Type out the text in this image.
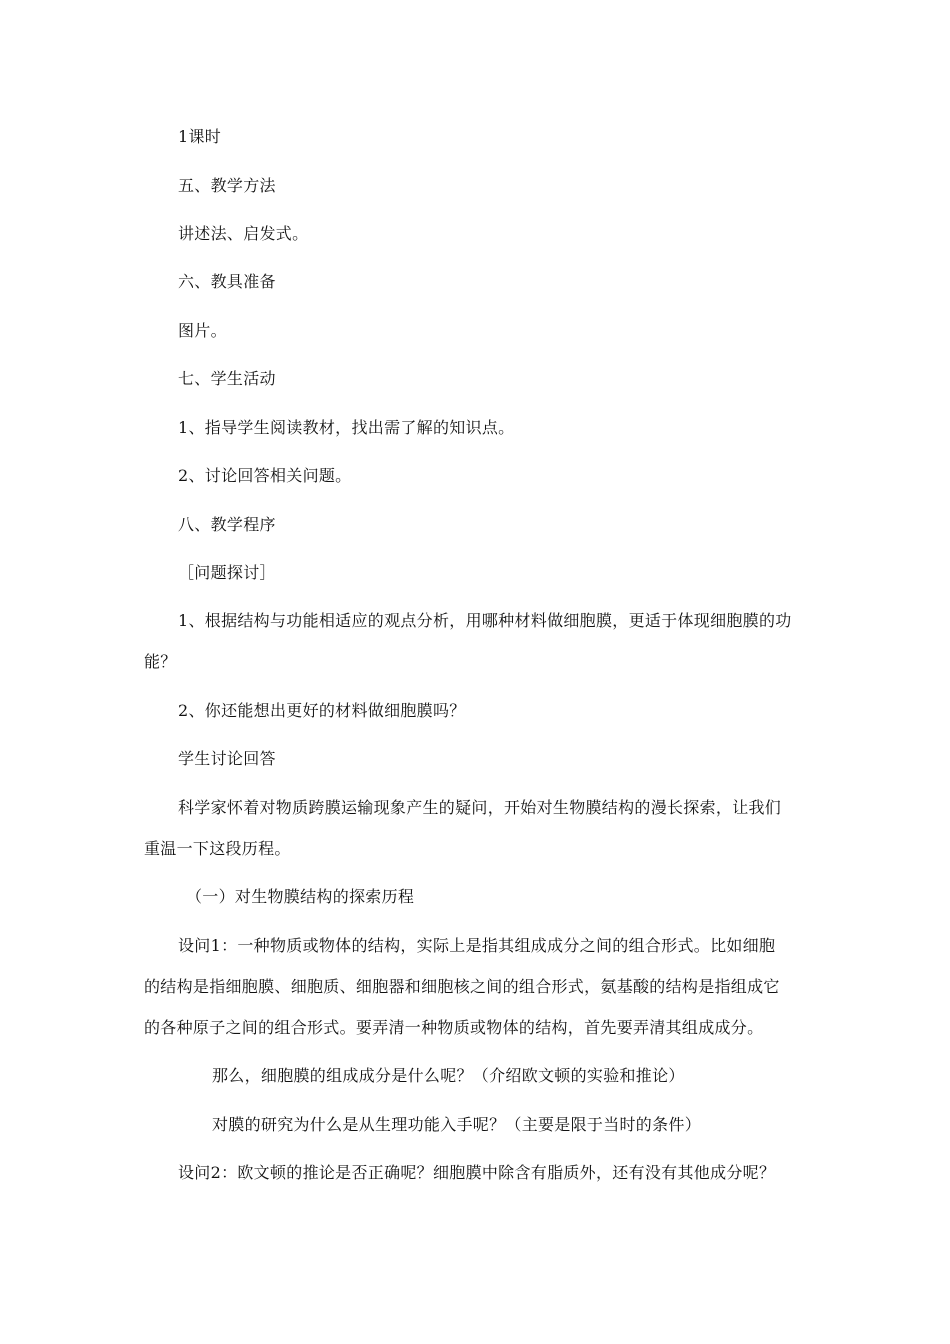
1课时
五、教学方法
讲述法、启发式。
六、教具准备
图片。
七、学生活动
1、指导学生阅读教材，找出需了解的知识点。
2、讨论回答相关问题。
八、教学程序
［问题探讨］
1、根据结构与功能相适应的观点分析，用哪种材料做细胞膜，更适于体现细胞膜的功
能？
2、你还能想出更好的材料做细胞膜吗？
学生讨论回答
科学家怀着对物质跨膜运输现象产生的疑问，开始对生物膜结构的漫长探索，让我们
重温一下这段历程。
（一）对生物膜结构的探索历程
设问1：一种物质或物体的结构，实际上是指其组成成分之间的组合形式。比如细胞
的结构是指细胞膜、细胞质、细胞器和细胞核之间的组合形式，氨基酸的结构是指组成它
的各种原子之间的组合形式。要弄清一种物质或物体的结构，首先要弄清其组成成分。
那么，细胞膜的组成成分是什么呢？（介绍欧文顿的实验和推论）
对膜的研究为什么是从生理功能入手呢？（主要是限于当时的条件）
设问2：欧文顿的推论是否正确呢？细胞膜中除含有脂质外，还有没有其他成分呢？
